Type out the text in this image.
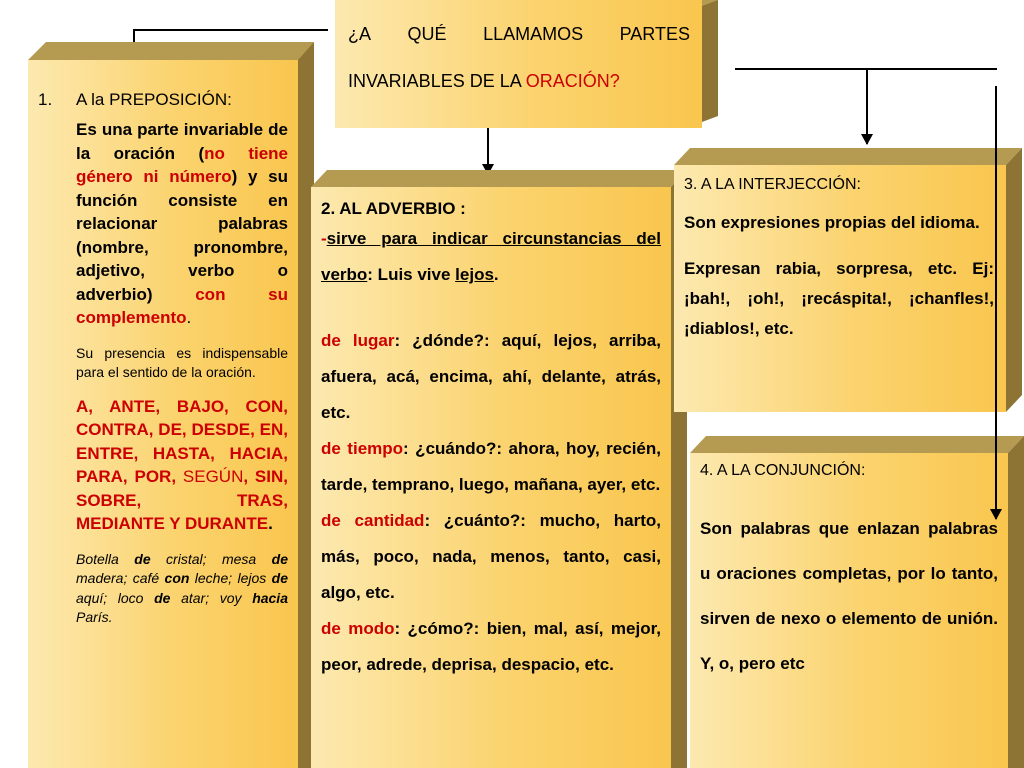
¿A QUÉ LLAMAMOS PARTES
INVARIABLES DE LA ORACIÓN?
1.	A la PREPOSICIÓN:

Es una parte invariable de la oración (no tiene género ni número) y su función consiste en relacionar palabras (nombre, pronombre, adjetivo, verbo o adverbio) con su complemento.

Su presencia es indispensable para el sentido de la oración.

A, ANTE, BAJO, CON, CONTRA, DE, DESDE, EN, ENTRE, HASTA, HACIA, PARA, POR, SEGÚN, SIN, SOBRE, TRAS, MEDIANTE Y DURANTE.

Botella de cristal; mesa de madera; café con leche; lejos de aquí; loco de atar; voy hacia París.

2. AL ADVERBIO :

-sirve para indicar circunstancias del verbo: Luis vive lejos.

de lugar: ¿dónde?: aquí, lejos, arriba, afuera, acá, encima, ahí, delante, atrás, etc.

de tiempo: ¿cuándo?: ahora, hoy, recién, tarde, temprano, luego, mañana, ayer, etc.

de cantidad: ¿cuánto?: mucho, harto, más, poco, nada, menos, tanto, casi, algo, etc.

de modo: ¿cómo?: bien, mal, así, mejor, peor, adrede, deprisa, despacio, etc.

3. A LA INTERJECCIÓN:

Son expresiones propias del idioma.

Expresan rabia, sorpresa, etc. Ej: ¡bah!, ¡oh!, ¡recáspita!, ¡chanfles!, ¡diablos!, etc.

4. A LA CONJUNCIÓN:

Son palabras que enlazan palabras u oraciones completas, por lo tanto, sirven de nexo o elemento de unión. Y, o, pero etc
